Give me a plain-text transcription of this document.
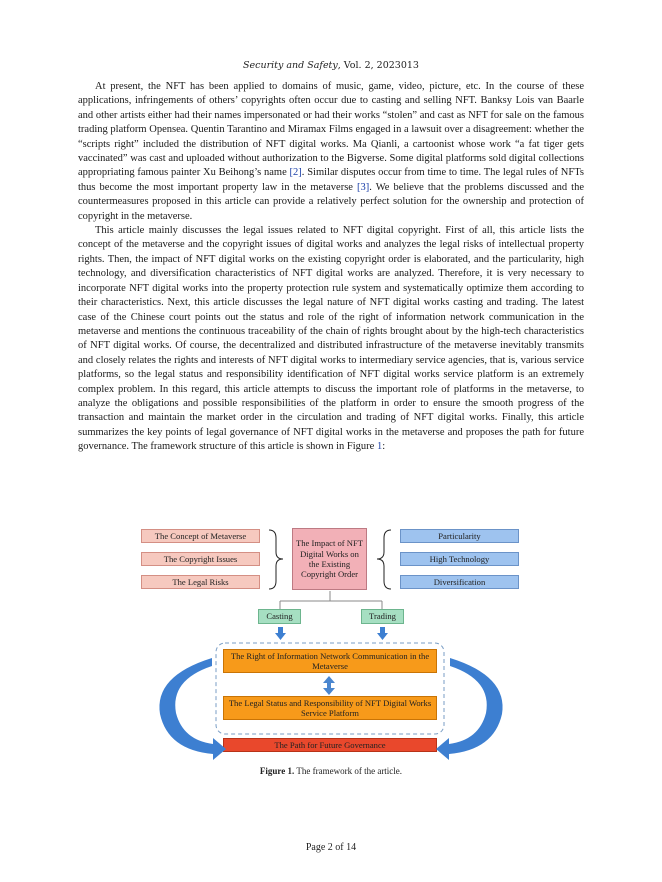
Security and Safety, Vol. 2, 2023013

At present, the NFT has been applied to domains of music, game, video, picture, etc. In the course of these applications, infringements of others’ copyrights often occur due to casting and selling NFT. Banksy Lois van Baarle and other artists either had their names impersonated or had their works “stolen” and cast as NFT for sale on the famous trading platform Opensea. Quentin Tarantino and Miramax Films engaged in a lawsuit over a disagreement: whether the “scripts right” included the distribution of NFT digital works. Ma Qianli, a cartoonist whose work “a fat tiger gets vaccinated” was cast and uploaded without authorization to the Bigverse. Some digital platforms sold digital collections appropriating famous painter Xu Beihong’s name [2]. Similar disputes occur from time to time. The legal rules of NFTs thus become the most important property law in the metaverse [3]. We believe that the problems discussed and the countermeasures proposed in this article can provide a relatively perfect solution for the ownership and protection of copyright in the metaverse.

This article mainly discusses the legal issues related to NFT digital copyright. First of all, this article lists the concept of the metaverse and the copyright issues of digital works and analyzes the legal risks of intellectual property rights. Then, the impact of NFT digital works on the existing copyright order is elaborated, and the particularity, high technology, and diversification characteristics of NFT digital works are analyzed. Therefore, it is very necessary to incorporate NFT digital works into the property protection rule system and systematically optimize them according to their characteristics. Next, this article discusses the legal nature of NFT digital works casting and trading. The latest case of the Chinese court points out the status and role of the right of information network communication in the metaverse and mentions the continuous traceability of the chain of rights brought about by the high-tech characteristics of NFT digital works. Of course, the decentralized and distributed infrastructure of the metaverse inevitably transmits and closely relates the rights and interests of NFT digital works to intermediary service agencies, that is, various service platforms, so the legal status and responsibility identification of NFT digital works service platform is an extremely complex problem. In this regard, this article attempts to discuss the important role of platforms in the metaverse, to analyze the obligations and possible responsibilities of the platform in order to ensure the smooth progress of the transaction and maintain the market order in the circulation and trading of NFT digital works. Finally, this article summarizes the key points of legal governance of NFT digital works in the metaverse and proposes the path for future governance. The framework structure of this article is shown in Figure 1:

The Concept of Metaverse
The Copyright Issues
The Legal Risks
The Impact of NFT Digital Works on the Existing Copyright Order
Particularity
High Technology
Diversification
Casting	Trading
The Right of Information Network Communication in the Metaverse
The Legal Status and Responsibility of NFT Digital Works Service Platform
The Path for Future Governance
Figure 1. The framework of the article.
Page 2 of 14
